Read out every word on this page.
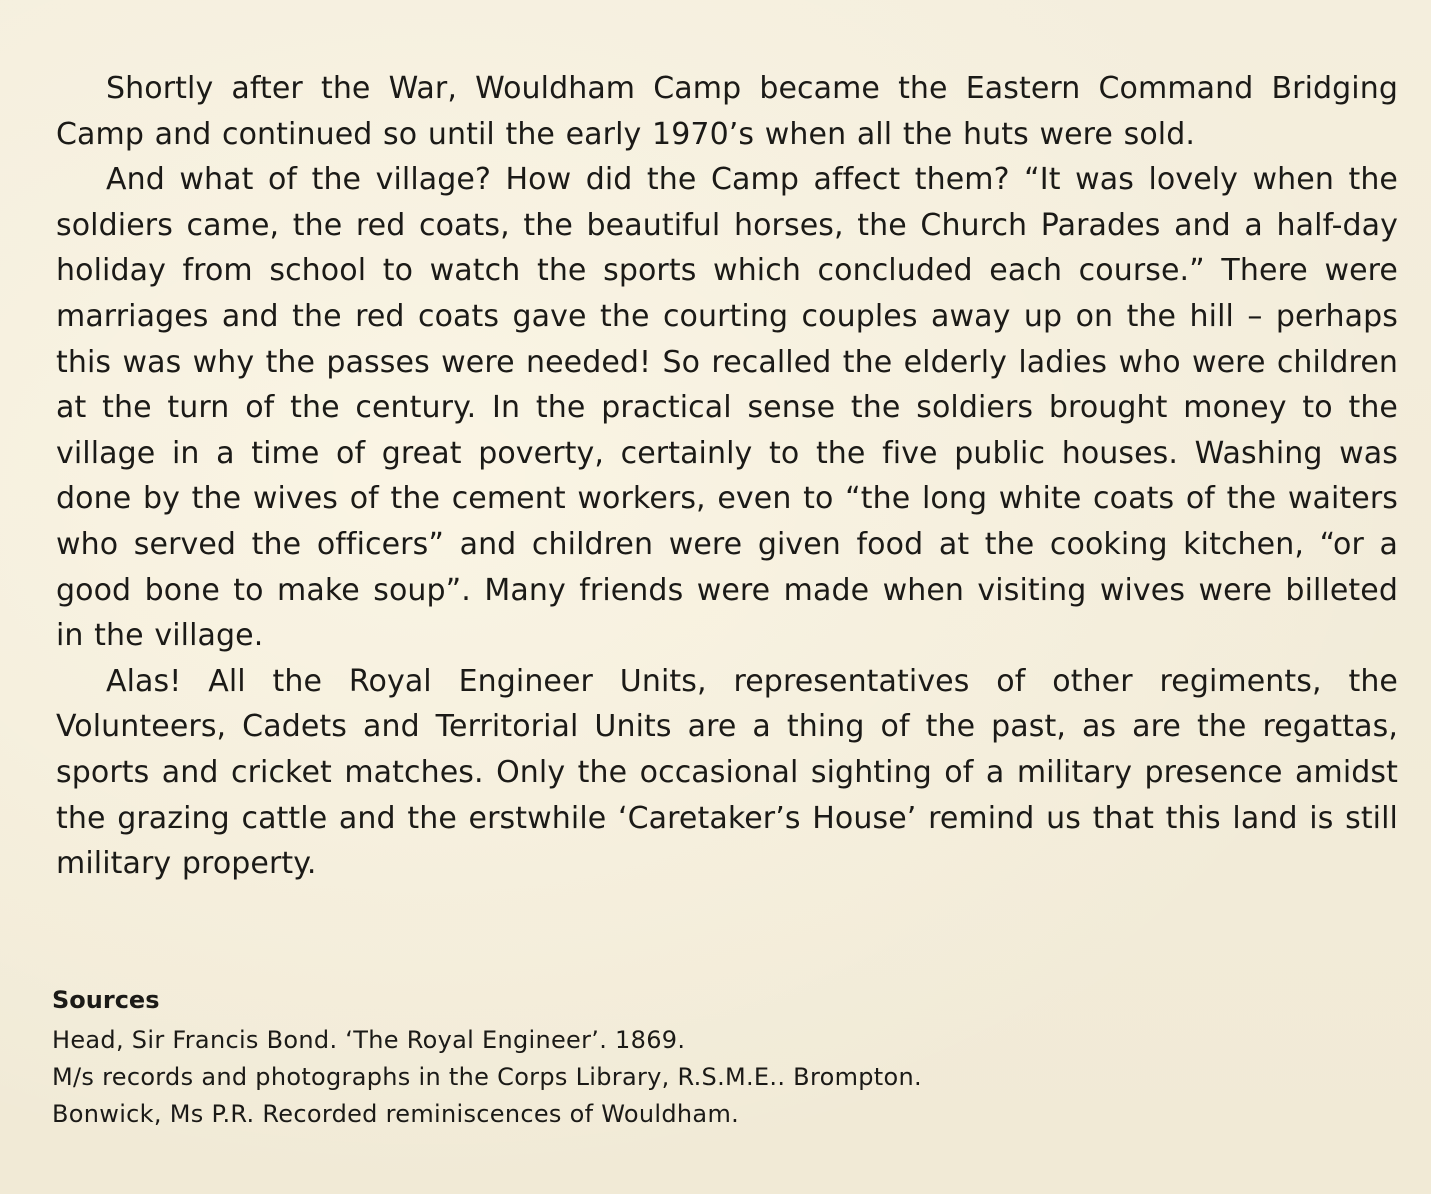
Shortly after the War, Wouldham Camp became the Eastern Command Bridging Camp and continued so until the early 1970’s when all the huts were sold.

And what of the village? How did the Camp affect them? “It was lovely when the soldiers came, the red coats, the beautiful horses, the Church Parades and a half-day holiday from school to watch the sports which concluded each course.” There were marriages and the red coats gave the courting couples away up on the hill – perhaps this was why the passes were needed! So recalled the elderly ladies who were children at the turn of the century. In the practical sense the soldiers brought money to the village in a time of great poverty, certainly to the five public houses. Washing was done by the wives of the cement workers, even to “the long white coats of the waiters who served the officers” and children were given food at the cooking kitchen, “or a good bone to make soup”. Many friends were made when visiting wives were billeted in the village.

Alas! All the Royal Engineer Units, representatives of other regiments, the Volunteers, Cadets and Territorial Units are a thing of the past, as are the regattas, sports and cricket matches. Only the occasional sighting of a military presence amidst the grazing cattle and the erstwhile ‘Caretaker’s House’ remind us that this land is still military property.

Sources

Head, Sir Francis Bond. ‘The Royal Engineer’. 1869.

M/s records and photographs in the Corps Library, R.S.M.E.. Brompton.

Bonwick, Ms P.R. Recorded reminiscences of Wouldham.
